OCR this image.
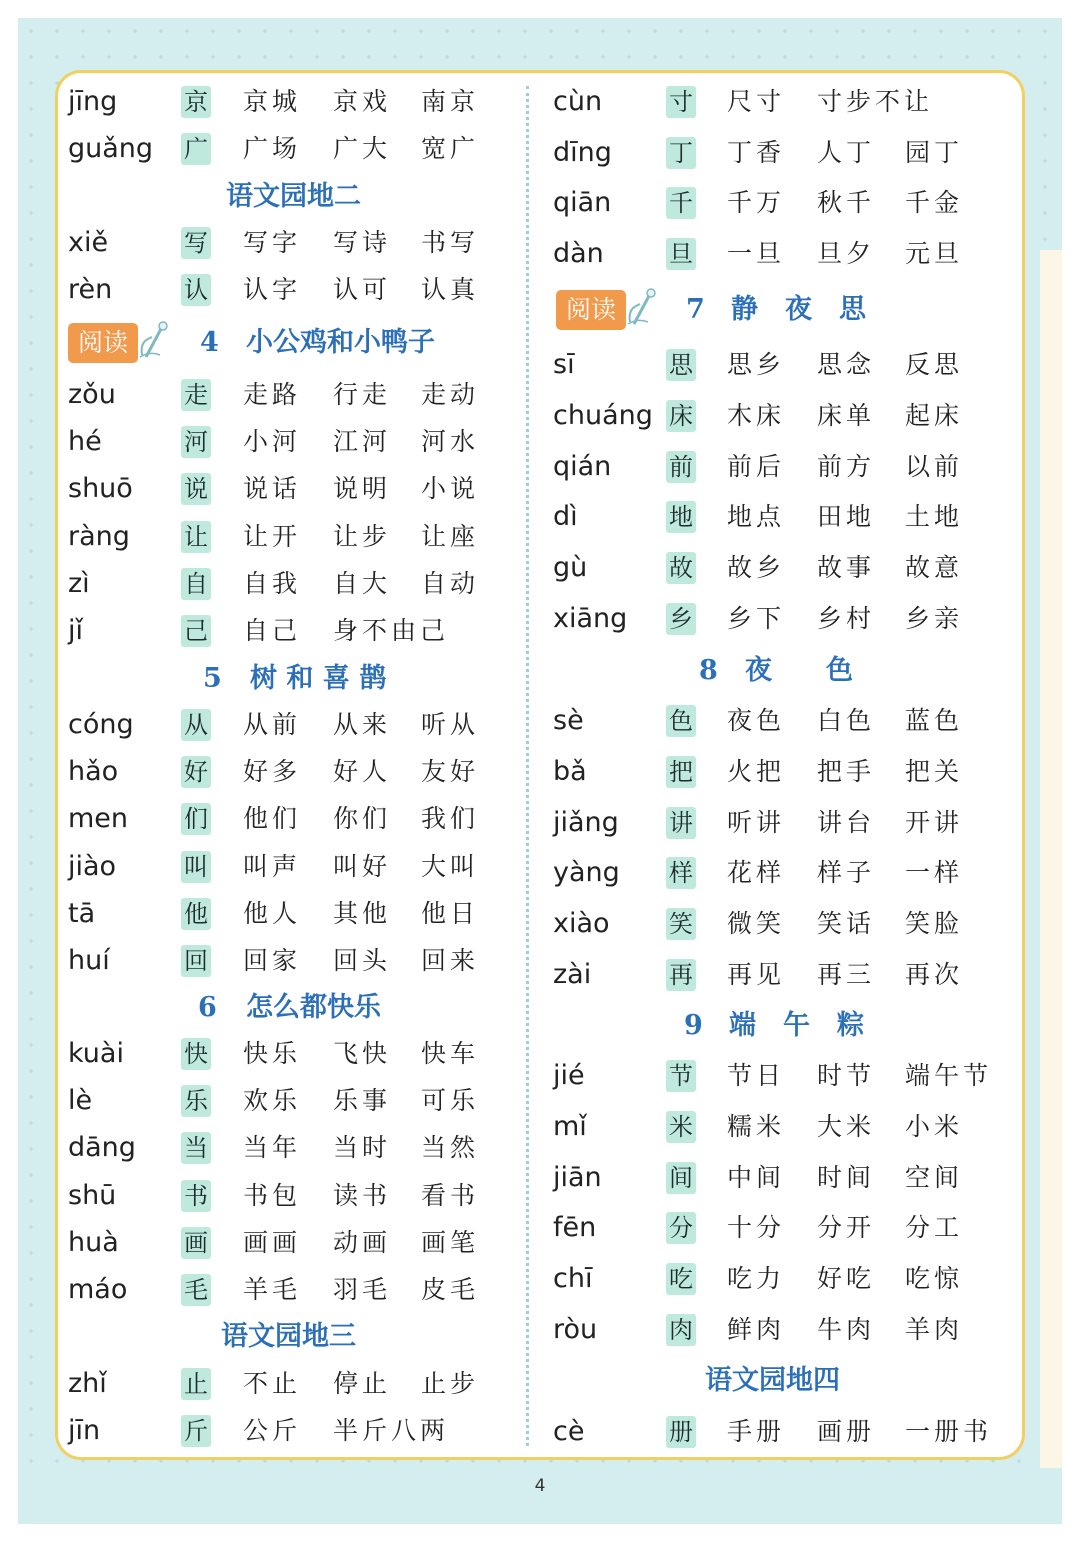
4
jīng	京 京城 京戏 南京
guǎng 广 广场 广大 宽广
语文园地二
xiě	写 写字 写诗 书写
rèn	认 认字 认可 认真
阅读	4 小公鸡和小鸭子
zǒu	走 走路 行走 走动
hé	河 小河 江河 河水
shuō 说 说话 说明 小说
ràng 让 让开 让步 让座
zì	自 自我 自大 自动
jǐ	己 自己 身不由己
5 树 和 喜 鹊
cóng 从 从前 从来 听从
hǎo	好 好多 好人 友好
men 们 他们 你们 我们
jiào	叫 叫声 叫好 大叫
tā	他 他人 其他 他日
huí	回 回家 回头 回来
6 怎么都快乐
kuài	快 快乐 飞快 快车
lè	乐 欢乐 乐事 可乐
dāng 当 当年 当时 当然
shū	书 书包 读书 看书
huà	画 画画 动画 画笔
máo 毛 羊毛 羽毛 皮毛
语文园地三
zhǐ	止 不止 停止 止步
jīn	斤 公斤 半斤八两
cùn	寸 尺寸 寸步不让
dīng 丁 丁香 人丁 园丁
qiān 千 千万 秋千 千金
dàn	旦 一旦 旦夕 元旦
阅读	7 静　夜　思
sī	思 思乡 思念 反思
chuáng 床 木床 床单 起床
qián 前 前后 前方 以前
dì	地 地点 田地 土地
gù	故 故乡 故事 故意
xiāng 乡 乡下 乡村 乡亲
8 夜　　色
sè	色 夜色 白色 蓝色
bǎ	把 火把 把手 把关
jiǎng 讲 听讲 讲台 开讲
yàng 样 花样 样子 一样
xiào 笑 微笑 笑话 笑脸
zài	再 再见 再三 再次
9 端　午　粽
jié	节 节日 时节 端午节
mǐ	米 糯米 大米 小米
jiān	间 中间 时间 空间
fēn	分 十分 分开 分工
chī	吃 吃力 好吃 吃惊
ròu	肉 鲜肉 牛肉 羊肉
语文园地四
cè	册 手册 画册 一册书
